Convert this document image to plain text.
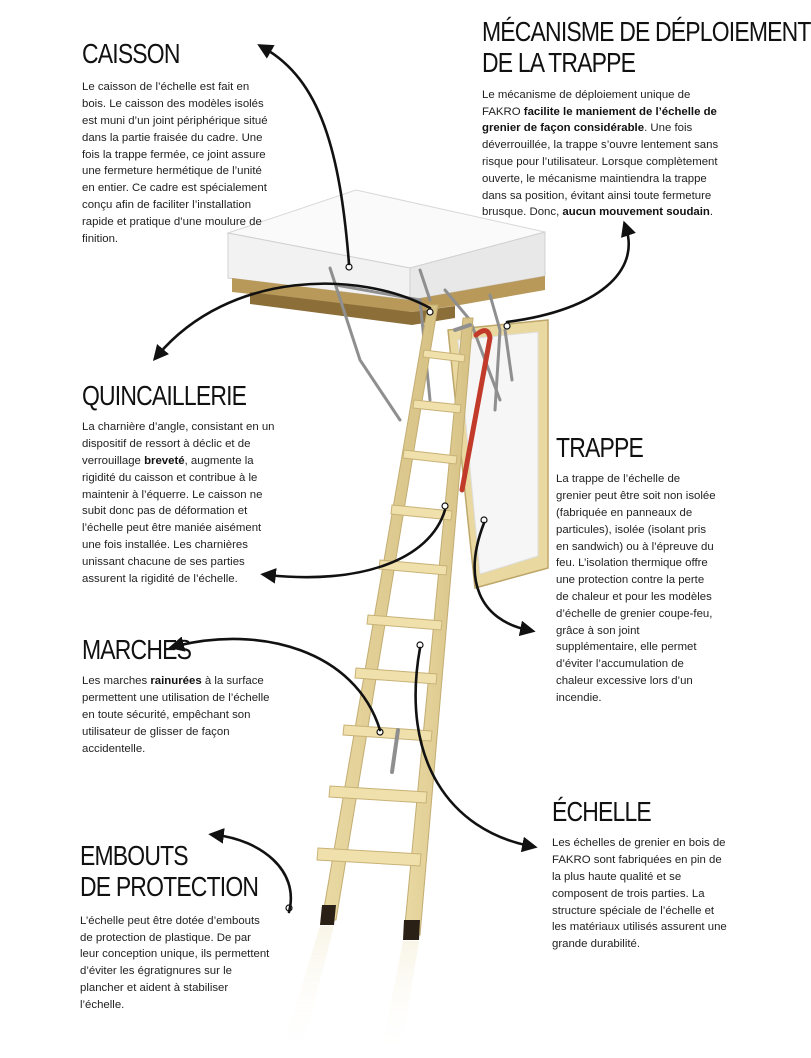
CAISSON

Le caisson de l’échelle est fait en bois. Le caisson des modèles isolés est muni d’un joint périphérique situé dans la partie fraisée du cadre. Une fois la trappe fermée, ce joint assure une fermeture hermétique de l’unité en entier. Ce cadre est spécialement conçu afin de faciliter l’installation rapide et pratique d’une moulure de finition.

MÉCANISME DE DÉPLOIEMENT
DE LA TRAPPE

Le mécanisme de déploiement unique de FAKRO facilite le maniement de l’échelle de grenier de façon considérable. Une fois déverrouillée, la trappe s’ouvre lentement sans risque pour l’utilisateur. Lorsque complètement ouverte, le mécanisme maintiendra la trappe dans sa position, évitant ainsi toute fermeture brusque. Donc, aucun mouvement soudain.

QUINCAILLERIE

La charnière d’angle, consistant en un dispositif de ressort à déclic et de verrouillage breveté, augmente la rigidité du caisson et contribue à le maintenir à l’équerre. Le caisson ne subit donc pas de déformation et l’échelle peut être maniée aisément une fois installée. Les charnières unissant chacune de ses parties assurent la rigidité de l’échelle.

TRAPPE

La trappe de l’échelle de grenier peut être soit non isolée (fabriquée en panneaux de particules), isolée (isolant pris en sandwich) ou à l’épreuve du feu. L’isolation thermique offre une protection contre la perte de chaleur et pour les modèles d’échelle de grenier coupe-feu, grâce à son joint supplémentaire, elle permet d’éviter l’accumulation de chaleur excessive lors d’un incendie.

MARCHES

Les marches rainurées à la surface permettent une utilisation de l’échelle en toute sécurité, empêchant son utilisateur de glisser de façon accidentelle.

ÉCHELLE

Les échelles de grenier en bois de FAKRO sont fabriquées en pin de la plus haute qualité et se composent de trois parties. La structure spéciale de l’échelle et les matériaux utilisés assurent une grande durabilité.

EMBOUTS
DE PROTECTION

L’échelle peut être dotée d’embouts de protection de plastique. De par leur conception unique, ils permettent d’éviter les égratignures sur le plancher et aident à stabiliser l’échelle.
